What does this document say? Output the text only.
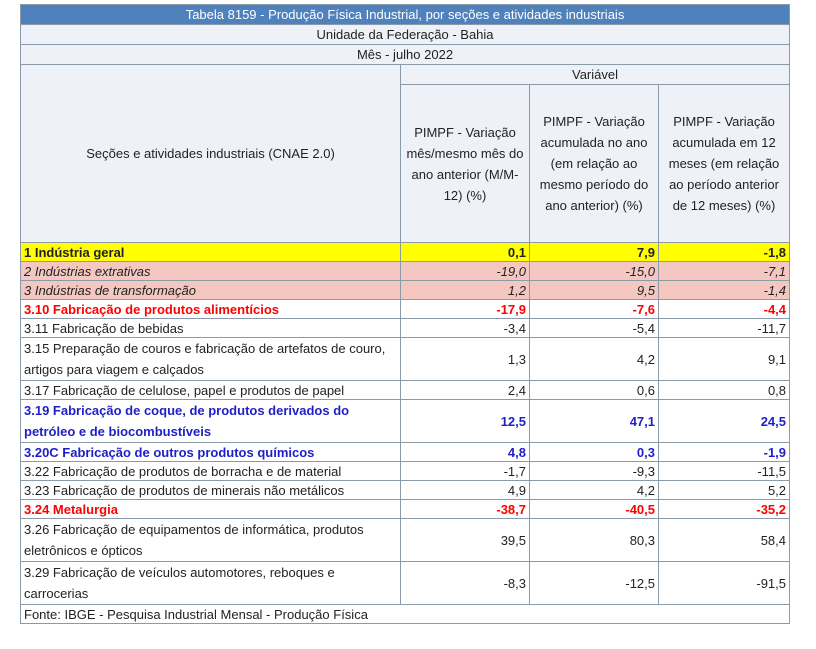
Tabela 8159 - Produção Física Industrial, por seções e atividades industriais			
Unidade da Federação - Bahia			
Mês - julho 2022			
Seções e atividades industriais (CNAE 2.0)	Variável		
	PIMPF - Variação mês/mesmo mês do ano anterior (M/M-12) (%)	PIMPF - Variação acumulada no ano (em relação ao mesmo período do ano anterior) (%)	PIMPF - Variação acumulada em 12 meses (em relação ao período anterior de 12 meses) (%)
1 Indústria geral	0,1	7,9	-1,8
2 Indústrias extrativas	-19,0	-15,0	-7,1
3 Indústrias de transformação	1,2	9,5	-1,4
3.10 Fabricação de produtos alimentícios	-17,9	-7,6	-4,4
3.11 Fabricação de bebidas	-3,4	-5,4	-11,7
3.15 Preparação de couros e fabricação de artefatos de couro, artigos para viagem e calçados	1,3	4,2	9,1
3.17 Fabricação de celulose, papel e produtos de papel	2,4	0,6	0,8
3.19 Fabricação de coque, de produtos derivados do petróleo e de biocombustíveis	12,5	47,1	24,5
3.20C Fabricação de outros produtos químicos	4,8	0,3	-1,9
3.22 Fabricação de produtos de borracha e de material	-1,7	-9,3	-11,5
3.23 Fabricação de produtos de minerais não metálicos	4,9	4,2	5,2
3.24 Metalurgia	-38,7	-40,5	-35,2
3.26 Fabricação de equipamentos de informática, produtos eletrônicos e ópticos	39,5	80,3	58,4
3.29 Fabricação de veículos automotores, reboques e carrocerias	-8,3	-12,5	-91,5
Fonte: IBGE - Pesquisa Industrial Mensal - Produção Física			
